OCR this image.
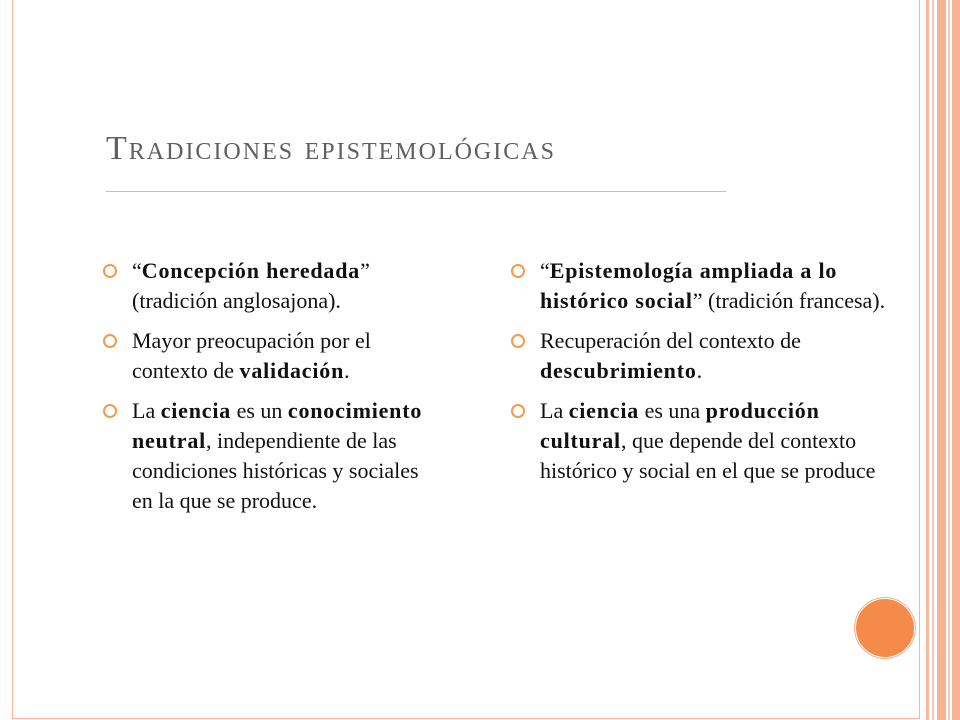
Tradiciones epistemológicas
“Concepción heredada” (tradición anglosajona).
Mayor preocupación por el contexto de validación.
La ciencia es un conocimiento neutral, independiente de las condiciones históricas y sociales en la que se produce.
“Epistemología ampliada a lo histórico social” (tradición francesa).
Recuperación del contexto de descubrimiento.
La ciencia es una producción cultural, que depende del contexto histórico y social en el que se produce
